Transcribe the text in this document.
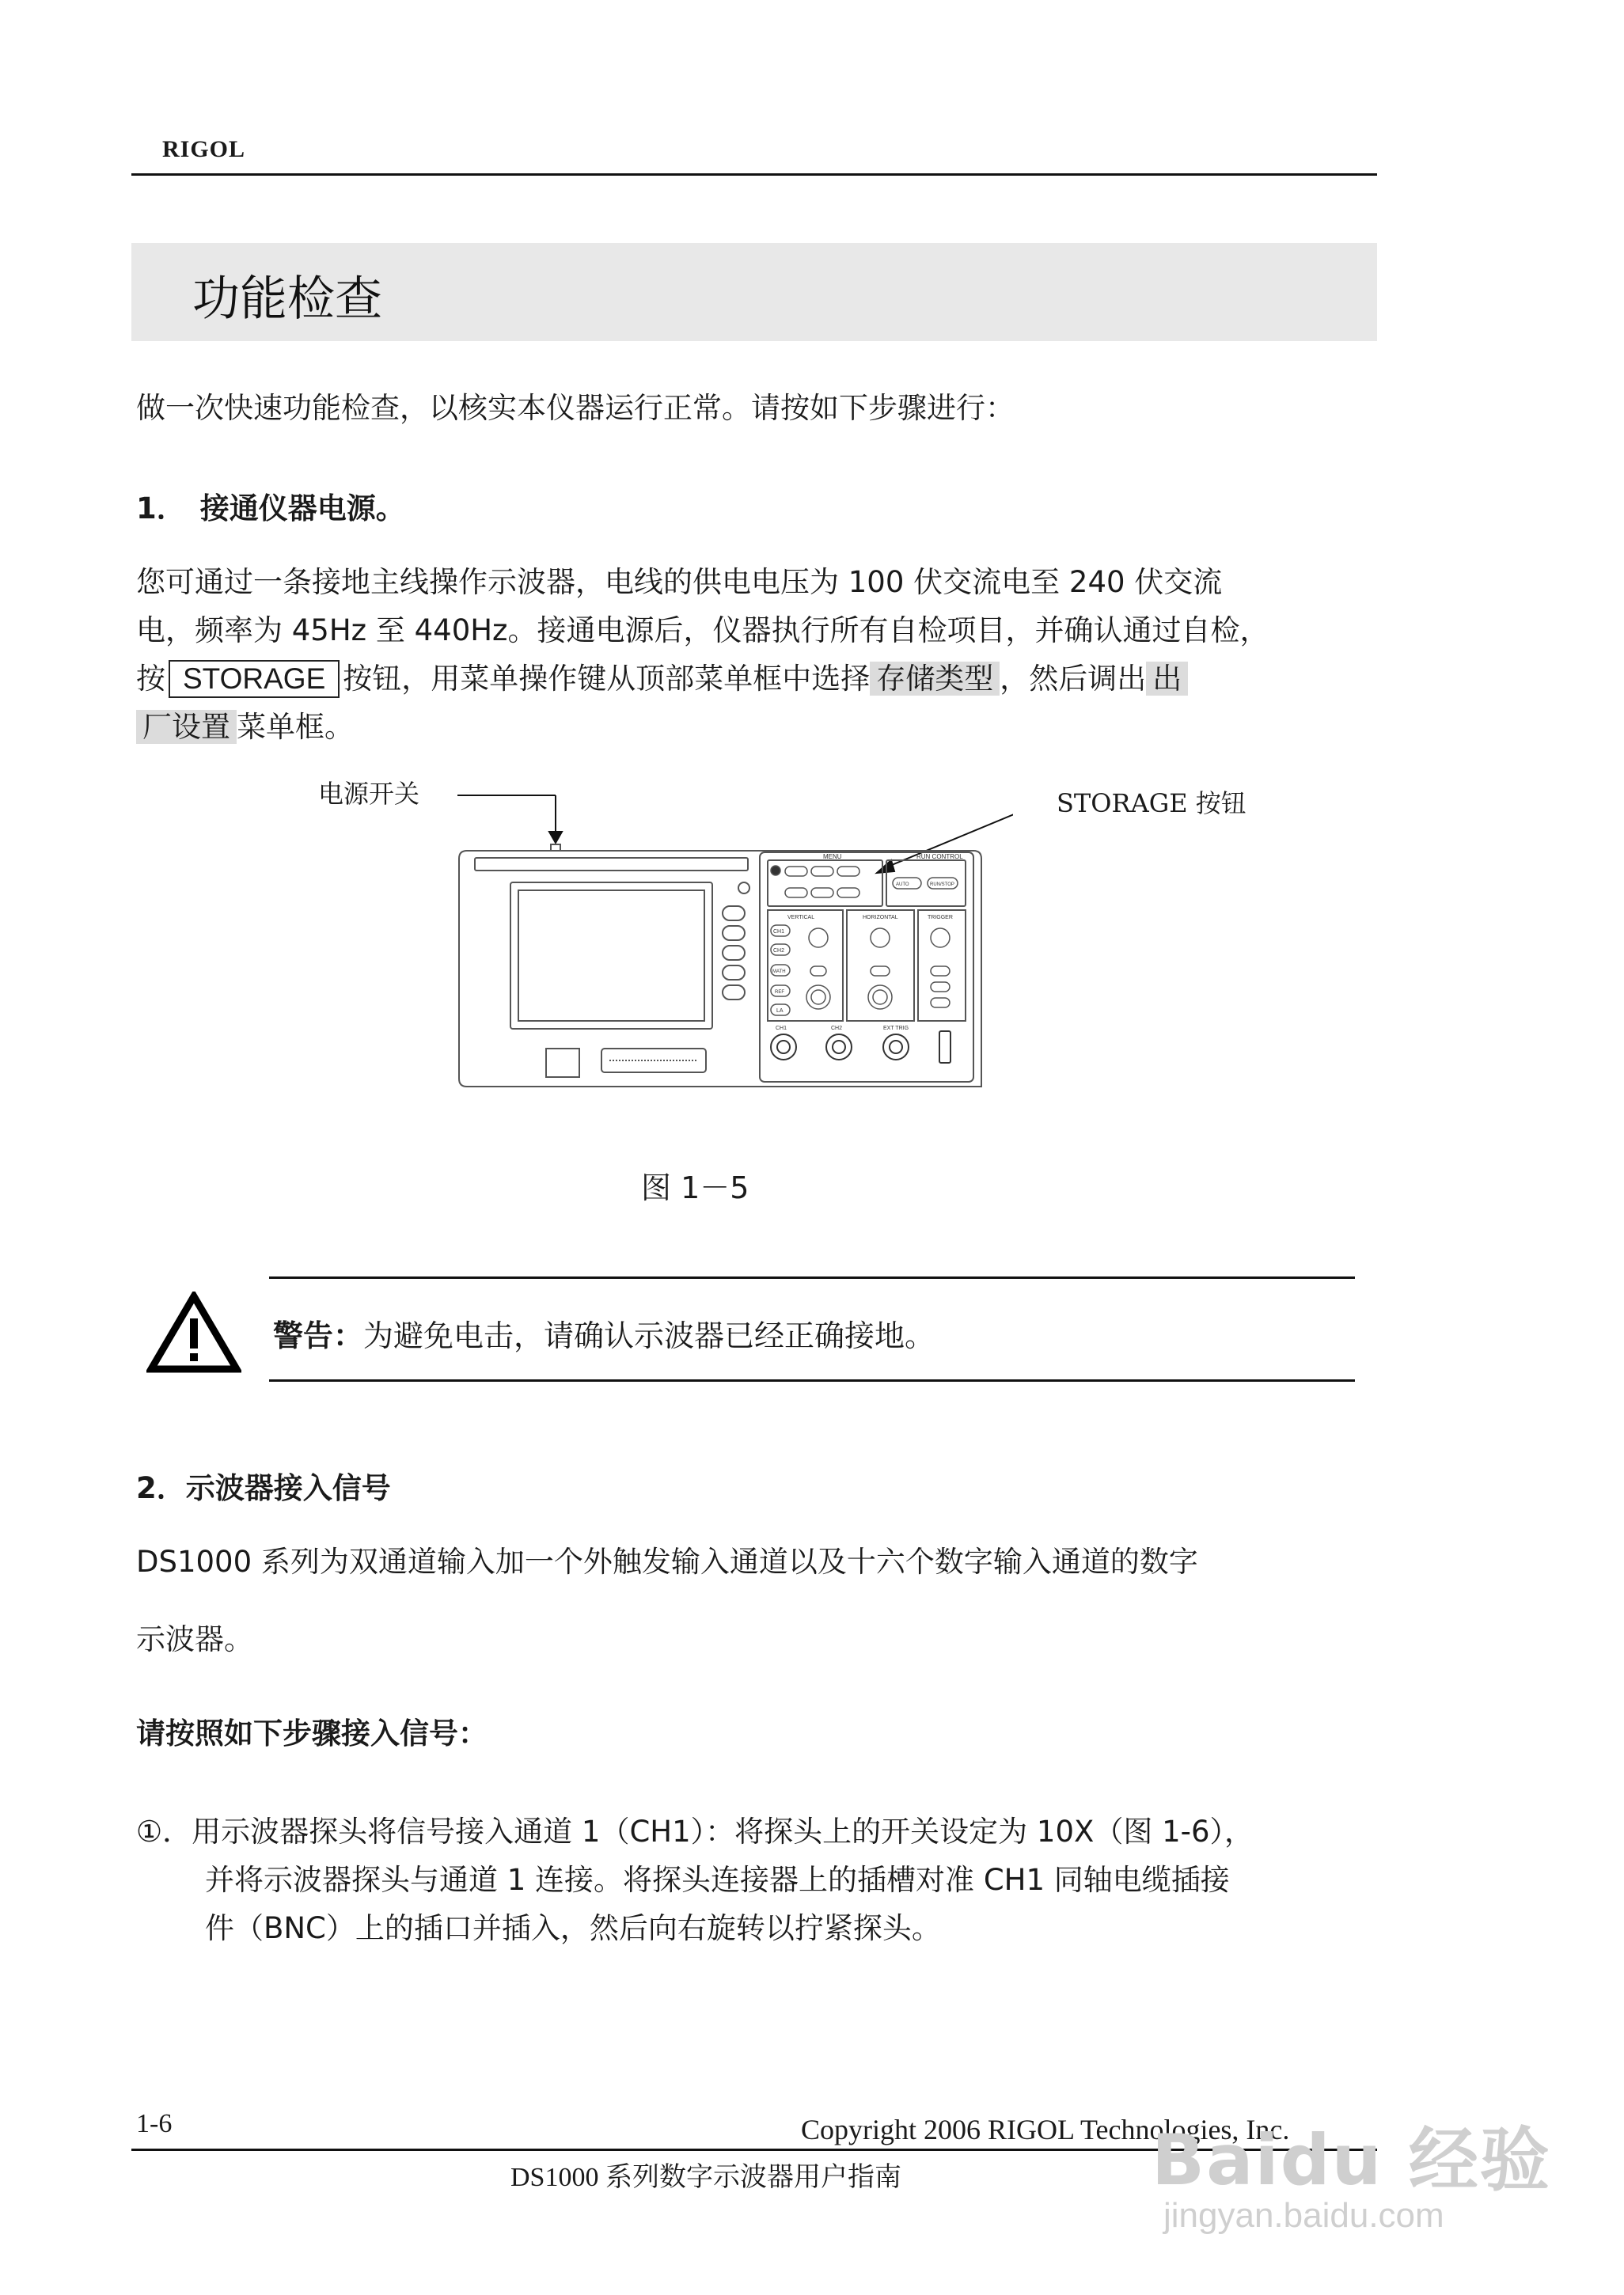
RIGOL
功能检查
做一次快速功能检查，以核实本仪器运行正常。请按如下步骤进行：
1． 接通仪器电源。
您可通过一条接地主线操作示波器，电线的供电电压为 100 伏交流电至 240 伏交流
电，频率为 45Hz 至 440Hz。接通电源后，仪器执行所有自检项目，并确认通过自检，
按 STORAGE 按钮，用菜单操作键从顶部菜单框中选择 存储类型 ，然后调出 出
厂设置 菜单框。
电源开关	STORAGE 按钮
MENU	RUN CONTROL
AUTO	RUN/STOP
VERTICAL	HORIZONTAL	TRIGGER
CH1
CH2
MATH
REF
LA
CH1	CH2	EXT TRIG
图 1－5
警告：为避免电击，请确认示波器已经正确接地。
2．示波器接入信号
DS1000 系列为双通道输入加一个外触发输入通道以及十六个数字输入通道的数字
示波器。
请按照如下步骤接入信号：
①．用示波器探头将信号接入通道 1（CH1）：将探头上的开关设定为 10X（图 1-6），
并将示波器探头与通道 1 连接。将探头连接器上的插槽对准 CH1 同轴电缆插接
件（BNC）上的插口并插入，然后向右旋转以拧紧探头。
1-6	Copyright 2006 RIGOL Technologies, Inc.
DS1000 系列数字示波器用户指南	Baidu 经验
jingyan.baidu.com
